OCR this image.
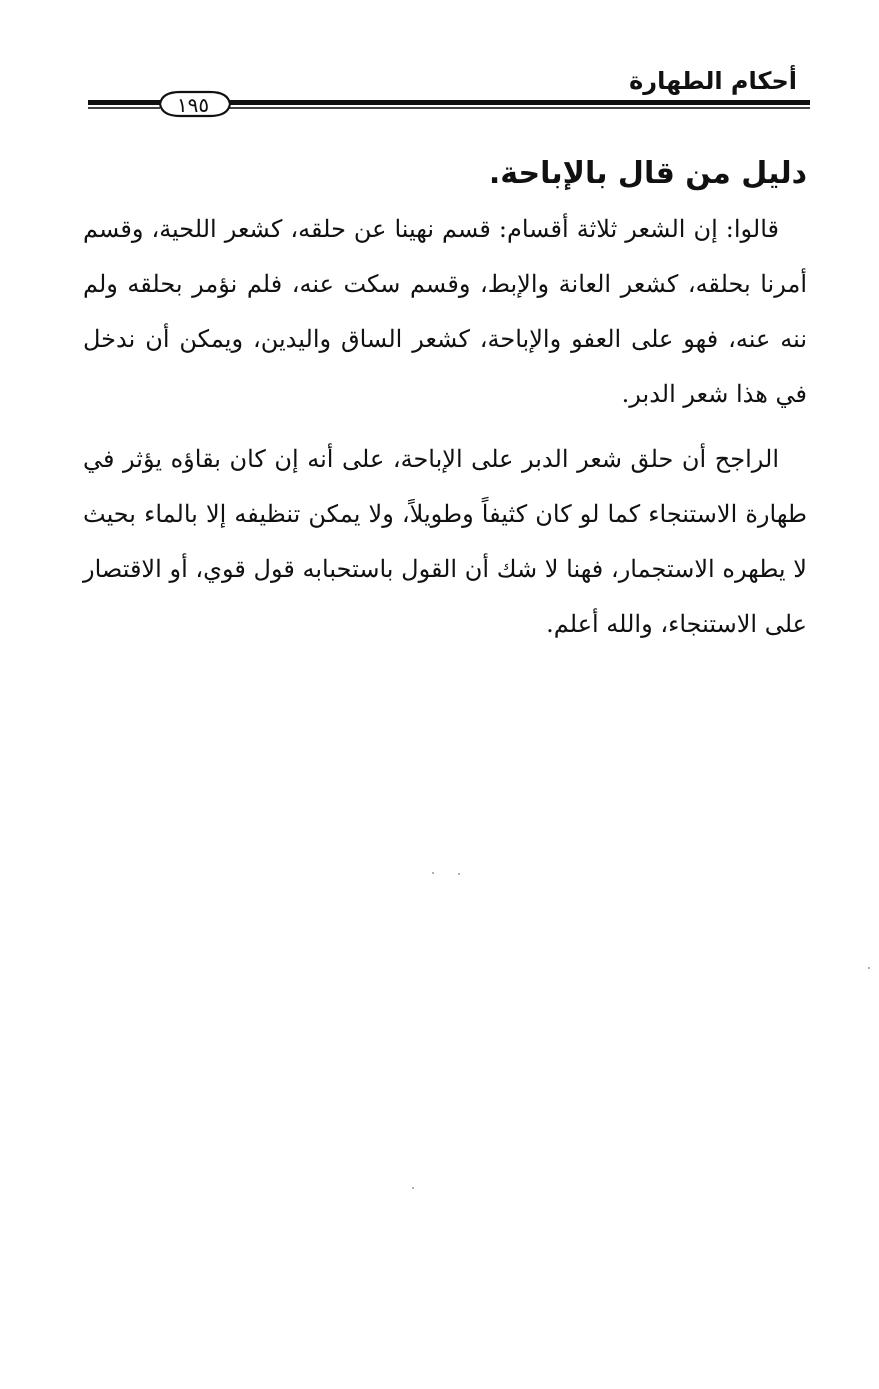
أحكام الطهارة
١٩٥
دليل من قال بالإباحة.

قالوا: إن الشعر ثلاثة أقسام: قسم نهينا عن حلقه، كشعر اللحية، وقسم أمرنا بحلقه، كشعر العانة والإبط، وقسم سكت عنه، فلم نؤمر بحلقه ولم ننه عنه، فهو على العفو والإباحة، كشعر الساق واليدين، ويمكن أن ندخل في هذا شعر الدبر.

الراجح أن حلق شعر الدبر على الإباحة، على أنه إن كان بقاؤه يؤثر في طهارة الاستنجاء كما لو كان كثيفاً وطويلاً، ولا يمكن تنظيفه إلا بالماء بحيث لا يطهره الاستجمار، فهنا لا شك أن القول باستحبابه قول قوي، أو الاقتصار على الاستنجاء، والله أعلم.
